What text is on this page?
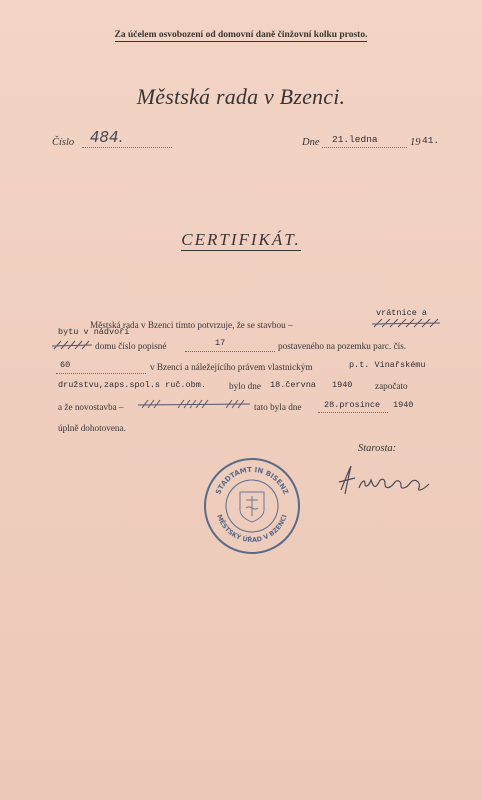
Za účelem osvobození od domovní daně činžovní kolku prosto.
Městská rada v Bzenci.
Číslo 484.	Dne 21.ledna	19 41.
CERTIFIKÁT.
Městská rada v Bzenci tímto potvrzuje, že se stavbou –
vrátnice a
bytu v nádvoří
domu číslo popisné	17	postaveného na pozemku parc. čís.
60	v Bzenci a náležejícího právem vlastnickým	p.t. Vinařskému
družstvu,zaps.spol.s ruč.obm.	bylo dne 18.června 1940 započato
a že novostavba –	tato byla dne	28.prosince 1940
úplně dohotovena.
Starosta:
STADTAMT IN BISENZ
MĚSTSKÝ ÚŘAD V BZENCI
